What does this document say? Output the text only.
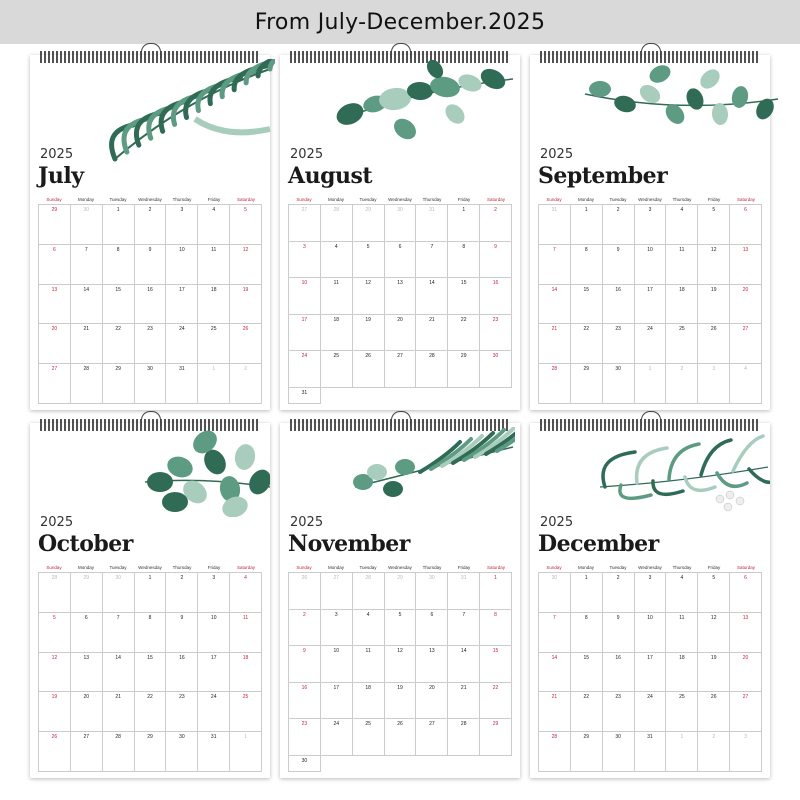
From July-December.2025
2025
July
Sunday	Monday	Tuesday	Wednesday	Thursday	Friday	Saturday
29	30	1	2	3	4	5
6	7	8	9	10	11	12
13	14	15	16	17	18	19
20	21	22	23	24	25	26
27	28	29	30	31	1	2
2025
August
Sunday	Monday	Tuesday	Wednesday	Thursday	Friday	Saturday
27	28	29	30	31	1	2
3	4	5	6	7	8	9
10	11	12	13	14	15	16
17	18	19	20	21	22	23
24	25	26	27	28	29	30
31
2025
September
Sunday	Monday	Tuesday	Wednesday	Thursday	Friday	Saturday
31	1	2	3	4	5	6
7	8	9	10	11	12	13
14	15	16	17	18	19	20
21	22	23	24	25	26	27
28	29	30	1	2	3	4
2025
October
Sunday	Monday	Tuesday	Wednesday	Thursday	Friday	Saturday
28	29	30	1	2	3	4
5	6	7	8	9	10	11
12	13	14	15	16	17	18
19	20	21	22	23	24	25
26	27	28	29	30	31	1
2025
November
Sunday	Monday	Tuesday	Wednesday	Thursday	Friday	Saturday
26	27	28	29	30	31	1
2	3	4	5	6	7	8
9	10	11	12	13	14	15
16	17	18	19	20	21	22
23	24	25	26	27	28	29
30
2025
December
Sunday	Monday	Tuesday	Wednesday	Thursday	Friday	Saturday
30	1	2	3	4	5	6
7	8	9	10	11	12	13
14	15	16	17	18	19	20
21	22	23	24	25	26	27
28	29	30	31	1	2	3
